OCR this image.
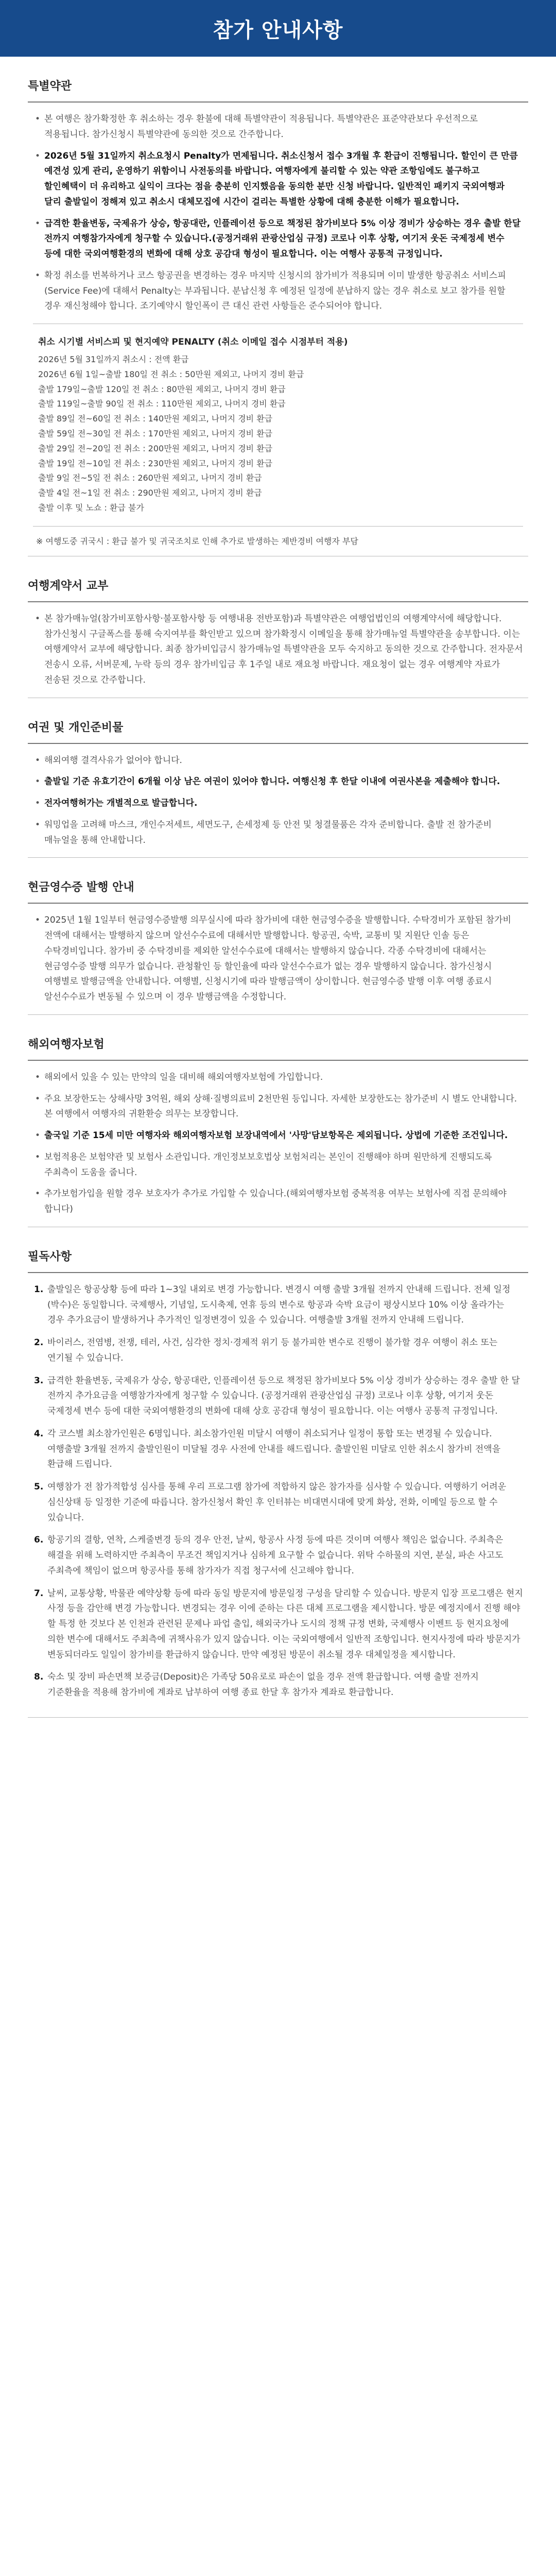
참가 안내사항
특별약관
• 본 여행은 참가확정한 후 취소하는 경우 환불에 대해 특별약관이 적용됩니다. 특별약관은 표준약관보다 우선적으로 적용됩니다. 참가신청시 특별약관에 동의한 것으로 간주합니다.
• 2026년 5월 31일까지 취소요청시 Penalty가 면제됩니다. 취소신청서 접수 3개월 후 환급이 진행됩니다. 할인이 큰 만큼 예견성 있게 관리, 운영하기 위함이니 사전동의를 바랍니다. 여행자에게 불리할 수 있는 약관 조항임에도 불구하고 할인혜택이 더 유리하고 실익이 크다는 점을 충분히 인지했음을 동의한 분만 신청 바랍니다. 일반적인 패키지 국외여행과 달리 출발일이 정해져 있고 취소시 대체모집에 시간이 걸리는 특별한 상황에 대해 충분한 이해가 필요합니다.
• 급격한 환율변동, 국제유가 상승, 항공대란, 인플레이션 등으로 책정된 참가비보다 5% 이상 경비가 상승하는 경우 출발 한달 전까지 여행참가자에게 청구할 수 있습니다.(공정거래위 관광산업심 규정) 코로나 이후 상황, 여기저 웃돈 국제정세 변수 등에 대한 국외여행환경의 변화에 대해 상호 공감대 형성이 필요합니다. 이는 여행사 공통적 규정입니다.
• 확정 취소를 번복하거나 코스 항공권을 변경하는 경우 마지막 신청시의 참가비가 적용되며 이미 발생한 항공취소 서비스피(Service Fee)에 대해서 Penalty는 부과됩니다. 분납신청 후 예정된 일정에 분납하지 않는 경우 취소로 보고 참가를 원할 경우 재신청해야 합니다. 조기예약시 할인폭이 큰 대신 관련 사항들은 준수되어야 합니다.
취소 시기별 서비스피 및 현지예약 PENALTY (취소 이메일 접수 시점부터 적용)
2026년 5월 31일까지 취소시 : 전액 환급
2026년 6월 1일~출발 180일 전 취소 : 50만원 제외고, 나머지 경비 환급
출발 179일~출발 120일 전 취소 : 80만원 제외고, 나머지 경비 환급
출발 119일~출발 90일 전 취소 : 110만원 제외고, 나머지 경비 환급
출발 89일 전~60일 전 취소 : 140만원 제외고, 나머지 경비 환급
출발 59일 전~30일 전 취소 : 170만원 제외고, 나머지 경비 환급
출발 29일 전~20일 전 취소 : 200만원 제외고, 나머지 경비 환급
출발 19일 전~10일 전 취소 : 230만원 제외고, 나머지 경비 환급
출발 9일 전~5일 전 취소 : 260만원 제외고, 나머지 경비 환급
출발 4일 전~1일 전 취소 : 290만원 제외고, 나머지 경비 환급
출발 이후 및 노쇼 : 환급 불가
※ 여행도중 귀국시 : 환급 불가 및 귀국조치로 인해 추가로 발생하는 제반경비 여행자 부담
여행계약서 교부
• 본 참가매뉴얼(참가비포함사항·불포함사항 등 여행내용 전반포함)과 특별약관은 여행업법인의 여행계약서에 해당합니다. 참가신청시 구글폭스를 통해 숙지여부를 확인받고 있으며 참가확정시 이메일을 통해 참가매뉴얼 특별약관을 송부합니다. 이는 여행계약서 교부에 해당합니다. 최종 참가비입금시 참가매뉴얼 특별약관을 모두 숙지하고 동의한 것으로 간주합니다. 전자문서 전송시 오류, 서버문제, 누락 등의 경우 참가비입금 후 1주일 내로 재요청 바랍니다. 재요청이 없는 경우 여행계약 자료가 전송된 것으로 간주합니다.
여권 및 개인준비물
• 해외여행 결격사유가 없어야 합니다.
• 출발일 기준 유효기간이 6개월 이상 남은 여권이 있어야 합니다. 여행신청 후 한달 이내에 여권사본을 제출해야 합니다.
• 전자여행허가는 개별적으로 발급합니다.
• 워밍업을 고려해 마스크, 개인수저세트, 세면도구, 손세정제 등 안전 및 청결물품은 각자 준비합니다. 출발 전 참가준비 매뉴얼을 통해 안내합니다.
현금영수증 발행 안내
• 2025년 1월 1일부터 현금영수증발행 의무실시에 따라 참가비에 대한 현금영수증을 발행합니다. 수탁경비가 포함된 참가비 전액에 대해서는 발행하지 않으며 알선수수료에 대해서만 발행합니다. 항공권, 숙박, 교통비 및 지원단 인솔 등은 수탁경비입니다. 참가비 중 수탁경비를 제외한 알선수수료에 대해서는 발행하지 않습니다. 각종 수탁경비에 대해서는 현금영수증 발행 의무가 없습니다. 관청활인 등 할인율에 따라 알선수수료가 없는 경우 발행하지 않습니다. 참가신청시 여행별로 발행금액을 안내합니다. 여행별, 신청시기에 따라 발행금액이 상이합니다. 현금영수증 발행 이후 여행 종료시 알선수수료가 변동될 수 있으며 이 경우 발행금액을 수정합니다.
해외여행자보험
• 해외에서 있을 수 있는 만약의 일을 대비해 해외여행자보험에 가입합니다.
• 주요 보장한도는 상해사망 3억원, 해외 상해·질병의료비 2천만원 등입니다. 자세한 보장한도는 참가준비 시 별도 안내합니다. 본 여행에서 여행자의 귀환환승 의무는 보장합니다.
• 출국일 기준 15세 미만 여행자와 해외여행자보험 보장내역에서 '사망'담보항목은 제외됩니다. 상법에 기준한 조건입니다.
• 보험적용은 보험약관 및 보험사 소관입니다. 개인정보보호법상 보험처리는 본인이 진행해야 하며 원만하게 진행되도록 주최측이 도움을 줍니다.
• 추가보험가입을 원할 경우 보호자가 추가로 가입할 수 있습니다.(해외여행자보험 중복적용 여부는 보험사에 직접 문의해야 합니다)
필독사항
1. 출발일은 항공상황 등에 따라 1~3일 내외로 변경 가능합니다. 변경시 여행 출발 3개월 전까지 안내해 드립니다. 전체 일정(박수)은 동일합니다. 국제행사, 기념일, 도시축제, 연휴 등의 변수로 항공과 숙박 요금이 평상시보다 10% 이상 올라가는 경우 추가요금이 발생하거나 추가적인 일정변경이 있을 수 있습니다. 여행출발 3개월 전까지 안내해 드립니다.
2. 바이러스, 전염병, 전쟁, 테러, 사건, 심각한 정치·경제적 위기 등 불가피한 변수로 진행이 불가할 경우 여행이 취소 또는 연기될 수 있습니다.
3. 급격한 환율변동, 국제유가 상승, 항공대란, 인플레이션 등으로 책정된 참가비보다 5% 이상 경비가 상승하는 경우 출발 한 달 전까지 추가요금을 여행참가자에게 청구할 수 있습니다. (공정거래위 관광산업심 규정) 코로나 이후 상황, 여기저 웃돈 국제정세 변수 등에 대한 국외여행환경의 변화에 대해 상호 공감대 형성이 필요합니다. 이는 여행사 공통적 규정입니다.
4. 각 코스별 최소참가인원은 6명입니다. 최소참가인원 미달시 여행이 취소되거나 일정이 통합 또는 변경될 수 있습니다. 여행출발 3개월 전까지 출발인원이 미달될 경우 사전에 안내를 해드립니다. 출발인원 미달로 인한 취소시 참가비 전액을 환급해 드립니다.
5. 여행참가 전 참가적합성 심사를 통해 우리 프로그램 참가에 적합하지 않은 참가자를 심사할 수 있습니다. 여행하기 어려운 심신상태 등 일정한 기준에 따릅니다. 참가신청서 확인 후 인터뷰는 비대면시대에 맞게 화상, 전화, 이메일 등으로 할 수 있습니다.
6. 항공기의 결항, 연착, 스케줄변경 등의 경우 안전, 날씨, 항공사 사정 등에 따른 것이며 여행사 책임은 없습니다. 주최측은 해결을 위해 노력하지만 주최측이 무조건 책임지거나 심하게 요구할 수 없습니다. 위탁 수하물의 지연, 분실, 파손 사고도 주최측에 책임이 없으며 항공사를 통해 참가자가 직접 청구서에 신고해야 합니다.
7. 날씨, 교통상황, 박물관 예약상황 등에 따라 동일 방문지에 방문일정 구성을 달리할 수 있습니다. 방문지 입장 프로그램은 현지 사정 등을 감안해 변경 가능합니다. 변경되는 경우 이에 준하는 다른 대체 프로그램을 제시합니다. 방문 예정지에서 진행 해야 할 특정 한 것보다 본 인천과 관련된 문제나 파업 출입, 해외국가나 도시의 정책 규정 변화, 국제행사 이벤트 등 현지요청에 의한 변수에 대해서도 주최측에 귀책사유가 있지 않습니다. 이는 국외여행에서 일반적 조항입니다. 현지사정에 따라 방문지가 변동되더라도 일일이 참가비를 환급하지 않습니다. 만약 예정된 방문이 취소될 경우 대체일정을 제시합니다.
8. 숙소 및 장비 파손면책 보증금(Deposit)은 가족당 50유로로 파손이 없을 경우 전액 환급합니다. 여행 출발 전까지 기준환율을 적용해 참가비에 계좌로 납부하여 여행 종료 한달 후 참가자 계좌로 환급합니다.
